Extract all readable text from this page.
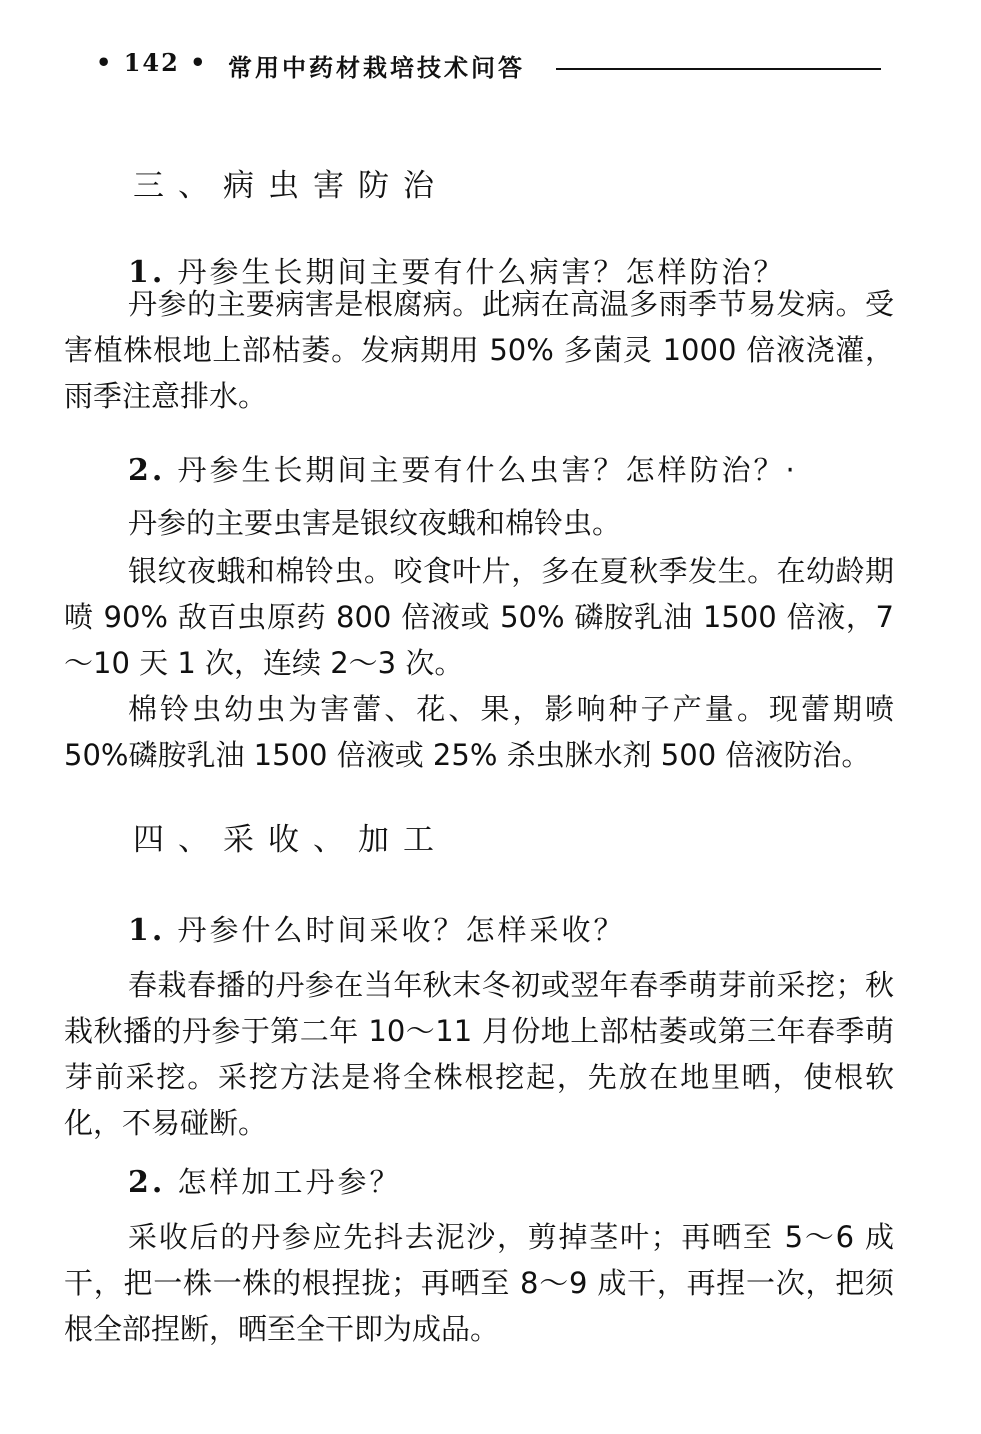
• 142 • 常用中药材栽培技术问答
三、病虫害防治
1. 丹参生长期间主要有什么病害？怎样防治？

丹参的主要病害是根腐病。此病在高温多雨季节易发病。受害植株根地上部枯萎。发病期用 50% 多菌灵 1000 倍液浇灌，雨季注意排水。

2. 丹参生长期间主要有什么虫害？怎样防治？·

丹参的主要虫害是银纹夜蛾和棉铃虫。

银纹夜蛾和棉铃虫。咬食叶片，多在夏秋季发生。在幼龄期喷 90% 敌百虫原药 800 倍液或 50% 磷胺乳油 1500 倍液，7～10 天 1 次，连续 2～3 次。

棉铃虫幼虫为害蕾、花、果，影响种子产量。现蕾期喷 50%磷胺乳油 1500 倍液或 25% 杀虫脒水剂 500 倍液防治。

四、采收、加工
1. 丹参什么时间采收？怎样采收？

春栽春播的丹参在当年秋末冬初或翌年春季萌芽前采挖；秋栽秋播的丹参于第二年 10～11 月份地上部枯萎或第三年春季萌芽前采挖。采挖方法是将全株根挖起，先放在地里晒，使根软化，不易碰断。

2. 怎样加工丹参？

采收后的丹参应先抖去泥沙，剪掉茎叶；再晒至 5～6 成干，把一株一株的根捏拢；再晒至 8～9 成干，再捏一次，把须根全部捏断，晒至全干即为成品。
